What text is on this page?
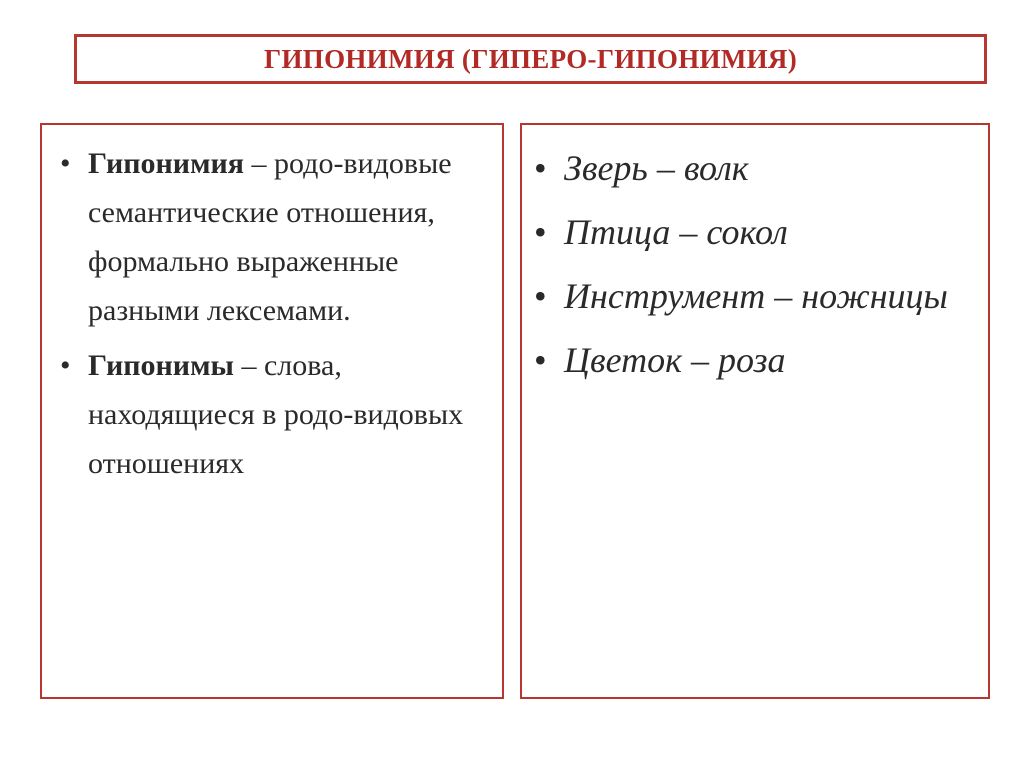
ГИПОНИМИЯ (ГИПЕРО-ГИПОНИМИЯ)
• Гипонимия – родо-видовые семантические отношения, формально выраженные разными лексемами.
• Гипонимы – слова, находящиеся в родо-видовых отношениях
• Зверь – волк
• Птица – сокол
• Инструмент – ножницы
• Цветок – роза
